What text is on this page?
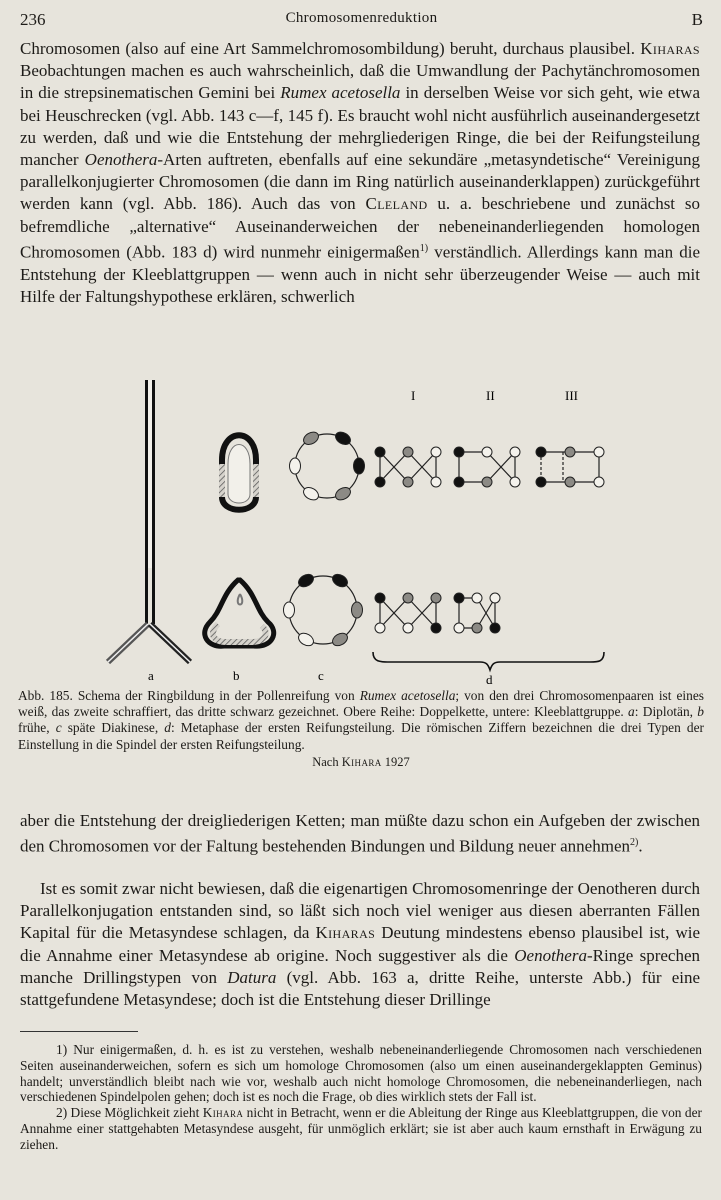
236	Chromosomenreduktion	B

Chromosomen (also auf eine Art Sammelchromosombildung) beruht, durchaus plausibel. Kiharas Beobachtungen machen es auch wahrscheinlich, daß die Umwandlung der Pachytänchromosomen in die strepsinematischen Gemini bei Rumex acetosella in derselben Weise vor sich geht, wie etwa bei Heuschrecken (vgl. Abb. 143 c—f, 145 f). Es braucht wohl nicht ausführlich auseinandergesetzt zu werden, daß und wie die Entstehung der mehrgliederigen Ringe, die bei der Reifungsteilung mancher Oenothera-Arten auftreten, ebenfalls auf eine sekundäre „metasyndetische“ Vereinigung parallelkonjugierter Chromosomen (die dann im Ring natürlich auseinanderklappen) zurückgeführt werden kann (vgl. Abb. 186). Auch das von Cleland u. a. beschriebene und zunächst so befremdliche „alternative“ Auseinanderweichen der nebeneinanderliegenden homologen Chromosomen (Abb. 183 d) wird nunmehr einigermaßen$^{1)}$ verständlich. Allerdings kann man die Entstehung der Kleeblattgruppen — wenn auch in nicht sehr überzeugender Weise — auch mit Hilfe der Faltungshypothese erklären, schwerlich

I	II	III
a	b	c	d

Abb. 185. Schema der Ringbildung in der Pollenreifung von Rumex acetosella; von den drei Chromosomenpaaren ist eines weiß, das zweite schraffiert, das dritte schwarz gezeichnet. Obere Reihe: Doppelkette, untere: Kleeblattgruppe. a: Diplotän, b frühe, c späte Diakinese, d: Metaphase der ersten Reifungsteilung. Die römischen Ziffern bezeichnen die drei Typen der Einstellung in die Spindel der ersten Reifungsteilung.
Nach Kihara 1927

aber die Entstehung der dreigliederigen Ketten; man müßte dazu schon ein Aufgeben der zwischen den Chromosomen vor der Faltung bestehenden Bindungen und Bildung neuer annehmen$^{2)}$.

Ist es somit zwar nicht bewiesen, daß die eigenartigen Chromosomenringe der Oenotheren durch Parallelkonjugation entstanden sind, so läßt sich noch viel weniger aus diesen aberranten Fällen Kapital für die Metasyndese schlagen, da Kiharas Deutung mindestens ebenso plausibel ist, wie die Annahme einer Metasyndese ab origine. Noch suggestiver als die Oenothera-Ringe sprechen manche Drillingstypen von Datura (vgl. Abb. 163 a, dritte Reihe, unterste Abb.) für eine stattgefundene Metasyndese; doch ist die Entstehung dieser Drillinge

1) Nur einigermaßen, d. h. es ist zu verstehen, weshalb nebeneinanderliegende Chromosomen nach verschiedenen Seiten auseinanderweichen, sofern es sich um homologe Chromosomen (also um einen auseinandergeklappten Geminus) handelt; unverständlich bleibt nach wie vor, weshalb auch nicht homologe Chromosomen, die nebeneinanderliegen, nach verschiedenen Spindelpolen gehen; doch ist es noch die Frage, ob dies wirklich stets der Fall ist.

2) Diese Möglichkeit zieht Kihara nicht in Betracht, wenn er die Ableitung der Ringe aus Kleeblattgruppen, die von der Annahme einer stattgehabten Metasyndese ausgeht, für unmöglich erklärt; sie ist aber auch kaum ernsthaft in Erwägung zu ziehen.
